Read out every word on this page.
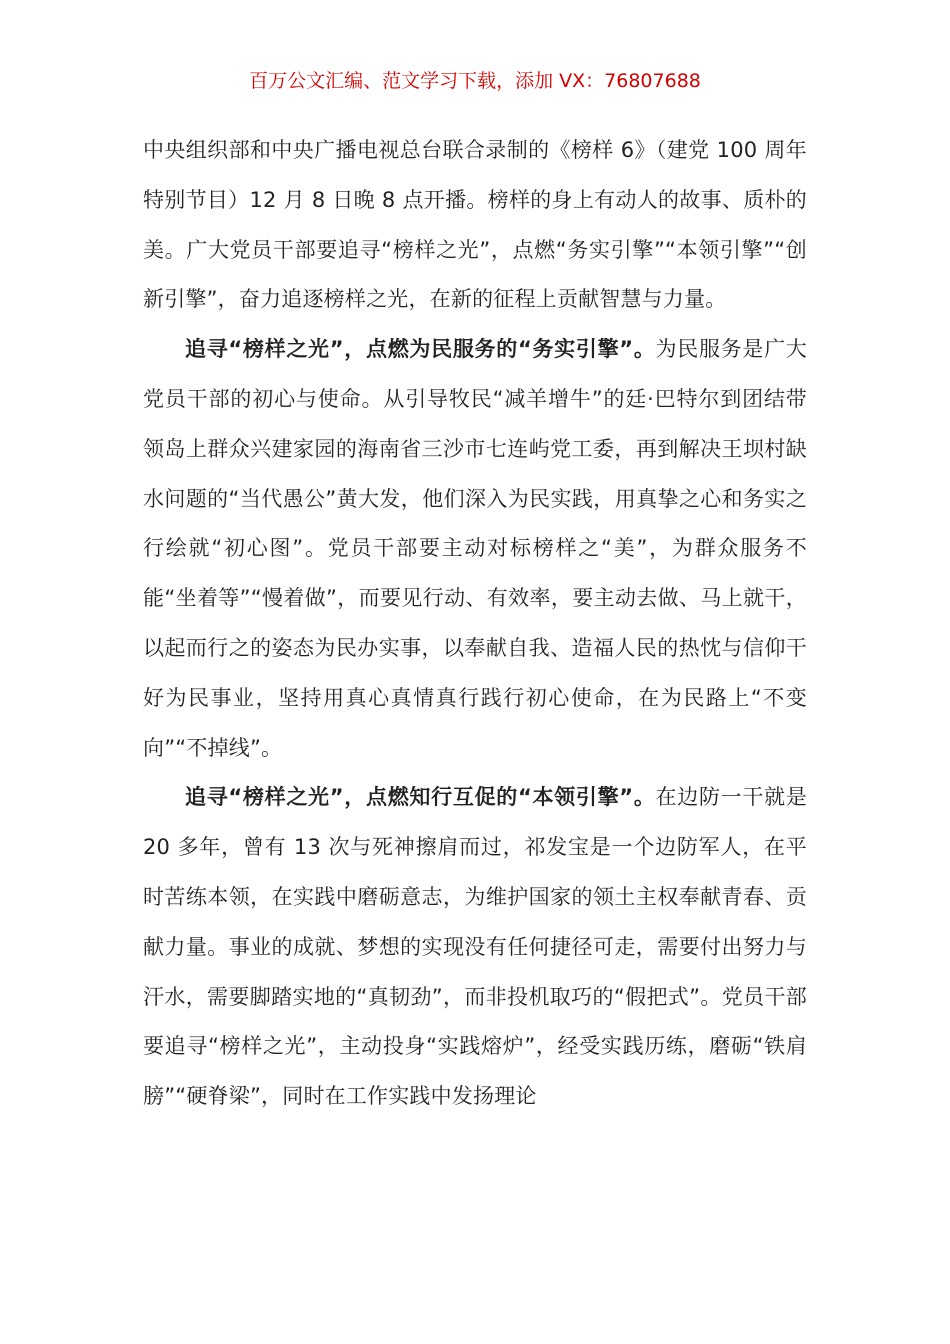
百万公文汇编、范文学习下载，添加 VX：76807688

中央组织部和中央广播电视总台联合录制的《榜样 6》（建党 100 周年特别节目）12 月 8 日晚 8 点开播。榜样的身上有动人的故事、质朴的美。广大党员干部要追寻“榜样之光”，点燃“务实引擎”“本领引擎”“创新引擎”，奋力追逐榜样之光，在新的征程上贡献智慧与力量。

追寻“榜样之光”，点燃为民服务的“务实引擎”。为民服务是广大党员干部的初心与使命。从引导牧民“减羊增牛”的廷·巴特尔到团结带领岛上群众兴建家园的海南省三沙市七连屿党工委，再到解决王坝村缺水问题的“当代愚公”黄大发，他们深入为民实践，用真挚之心和务实之行绘就“初心图”。党员干部要主动对标榜样之“美”，为群众服务不能“坐着等”“慢着做”，而要见行动、有效率，要主动去做、马上就干，以起而行之的姿态为民办实事，以奉献自我、造福人民的热忱与信仰干好为民事业，坚持用真心真情真行践行初心使命，在为民路上“不变向”“不掉线”。

追寻“榜样之光”，点燃知行互促的“本领引擎”。在边防一干就是 20 多年，曾有 13 次与死神擦肩而过，祁发宝是一个边防军人，在平时苦练本领，在实践中磨砺意志，为维护国家的领土主权奉献青春、贡献力量。事业的成就、梦想的实现没有任何捷径可走，需要付出努力与汗水，需要脚踏实地的“真韧劲”，而非投机取巧的“假把式”。党员干部要追寻“榜样之光”，主动投身“实践熔炉”，经受实践历练，磨砺“铁肩膀”“硬脊梁”，同时在工作实践中发扬理论
